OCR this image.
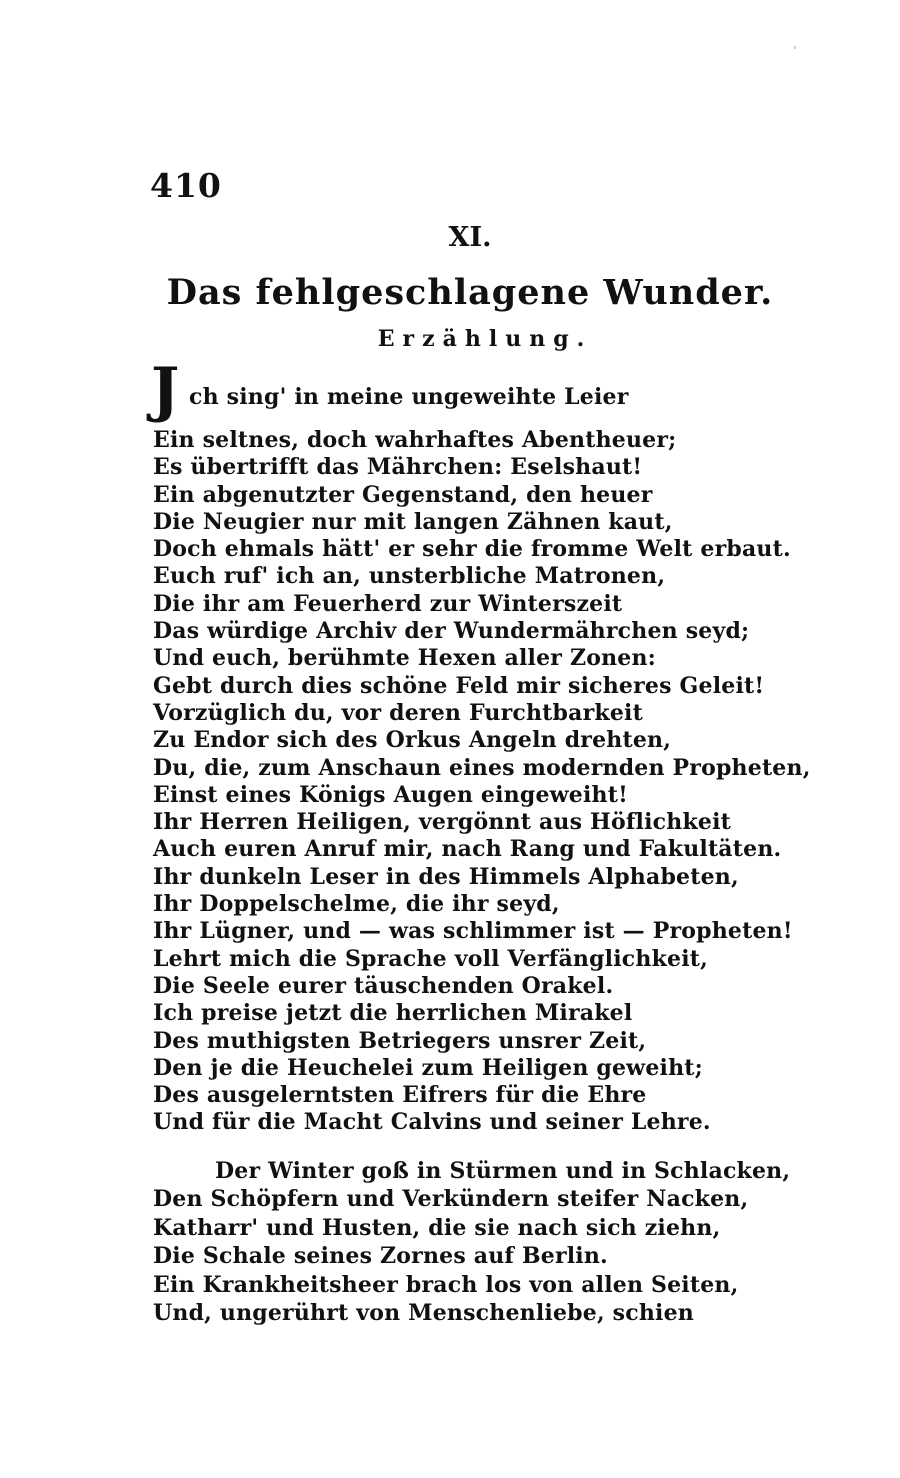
410
XI.
Das fehlgeschlagene Wunder.
Erzählung.
J ch sing' in meine ungeweihte Leier
Ein seltnes, doch wahrhaftes Abentheuer;
Es übertrifft das Mährchen: Eselshaut!
Ein abgenutzter Gegenstand, den heuer
Die Neugier nur mit langen Zähnen kaut,
Doch ehmals hätt' er sehr die fromme Welt erbaut.
Euch ruf' ich an, unsterbliche Matronen,
Die ihr am Feuerherd zur Winterszeit
Das würdige Archiv der Wundermährchen seyd;
Und euch, berühmte Hexen aller Zonen:
Gebt durch dies schöne Feld mir sicheres Geleit!
Vorzüglich du, vor deren Furchtbarkeit
Zu Endor sich des Orkus Angeln drehten,
Du, die, zum Anschaun eines modernden Propheten,
Einst eines Königs Augen eingeweiht!
Ihr Herren Heiligen, vergönnt aus Höflichkeit
Auch euren Anruf mir, nach Rang und Fakultäten.
Ihr dunkeln Leser in des Himmels Alphabeten,
Ihr Doppelschelme, die ihr seyd,
Ihr Lügner, und — was schlimmer ist — Propheten!
Lehrt mich die Sprache voll Verfänglichkeit,
Die Seele eurer täuschenden Orakel.
Ich preise jetzt die herrlichen Mirakel
Des muthigsten Betriegers unsrer Zeit,
Den je die Heuchelei zum Heiligen geweiht;
Des ausgelerntsten Eifrers für die Ehre
Und für die Macht Calvins und seiner Lehre.
Der Winter goß in Stürmen und in Schlacken,
Den Schöpfern und Verkündern steifer Nacken,
Katharr' und Husten, die sie nach sich ziehn,
Die Schale seines Zornes auf Berlin.
Ein Krankheitsheer brach los von allen Seiten,
Und, ungerührt von Menschenliebe, schien
